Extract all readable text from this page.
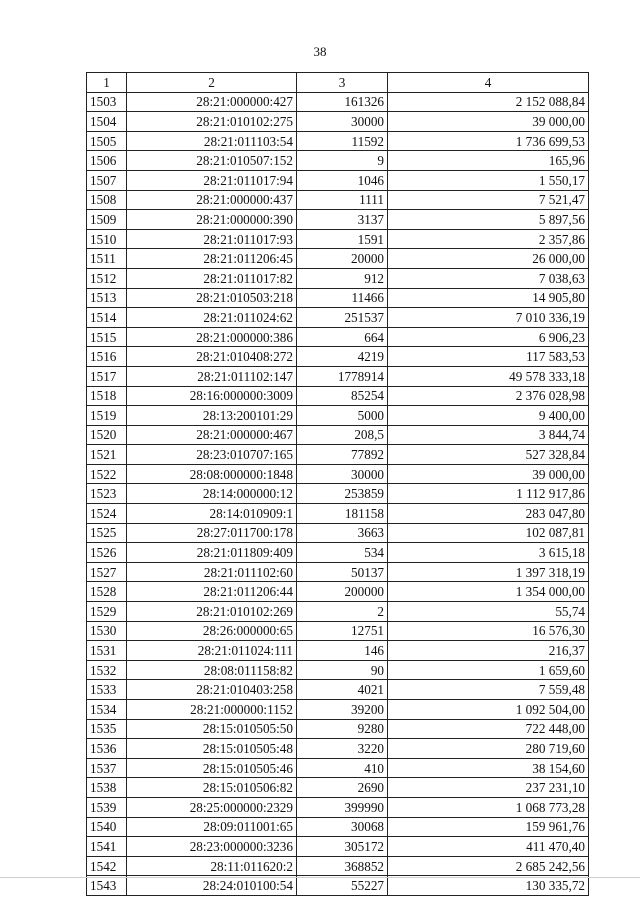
38
1	2	3	4
1503	28:21:000000:427	161326	2 152 088,84
1504	28:21:010102:275	30000	39 000,00
1505	28:21:011103:54	11592	1 736 699,53
1506	28:21:010507:152	9	165,96
1507	28:21:011017:94	1046	1 550,17
1508	28:21:000000:437	1111	7 521,47
1509	28:21:000000:390	3137	5 897,56
1510	28:21:011017:93	1591	2 357,86
1511	28:21:011206:45	20000	26 000,00
1512	28:21:011017:82	912	7 038,63
1513	28:21:010503:218	11466	14 905,80
1514	28:21:011024:62	251537	7 010 336,19
1515	28:21:000000:386	664	6 906,23
1516	28:21:010408:272	4219	117 583,53
1517	28:21:011102:147	1778914	49 578 333,18
1518	28:16:000000:3009	85254	2 376 028,98
1519	28:13:200101:29	5000	9 400,00
1520	28:21:000000:467	208,5	3 844,74
1521	28:23:010707:165	77892	527 328,84
1522	28:08:000000:1848	30000	39 000,00
1523	28:14:000000:12	253859	1 112 917,86
1524	28:14:010909:1	181158	283 047,80
1525	28:27:011700:178	3663	102 087,81
1526	28:21:011809:409	534	3 615,18
1527	28:21:011102:60	50137	1 397 318,19
1528	28:21:011206:44	200000	1 354 000,00
1529	28:21:010102:269	2	55,74
1530	28:26:000000:65	12751	16 576,30
1531	28:21:011024:111	146	216,37
1532	28:08:011158:82	90	1 659,60
1533	28:21:010403:258	4021	7 559,48
1534	28:21:000000:1152	39200	1 092 504,00
1535	28:15:010505:50	9280	722 448,00
1536	28:15:010505:48	3220	280 719,60
1537	28:15:010505:46	410	38 154,60
1538	28:15:010506:82	2690	237 231,10
1539	28:25:000000:2329	399990	1 068 773,28
1540	28:09:011001:65	30068	159 961,76
1541	28:23:000000:3236	305172	411 470,40
1542	28:11:011620:2	368852	2 685 242,56
1543	28:24:010100:54	55227	130 335,72
